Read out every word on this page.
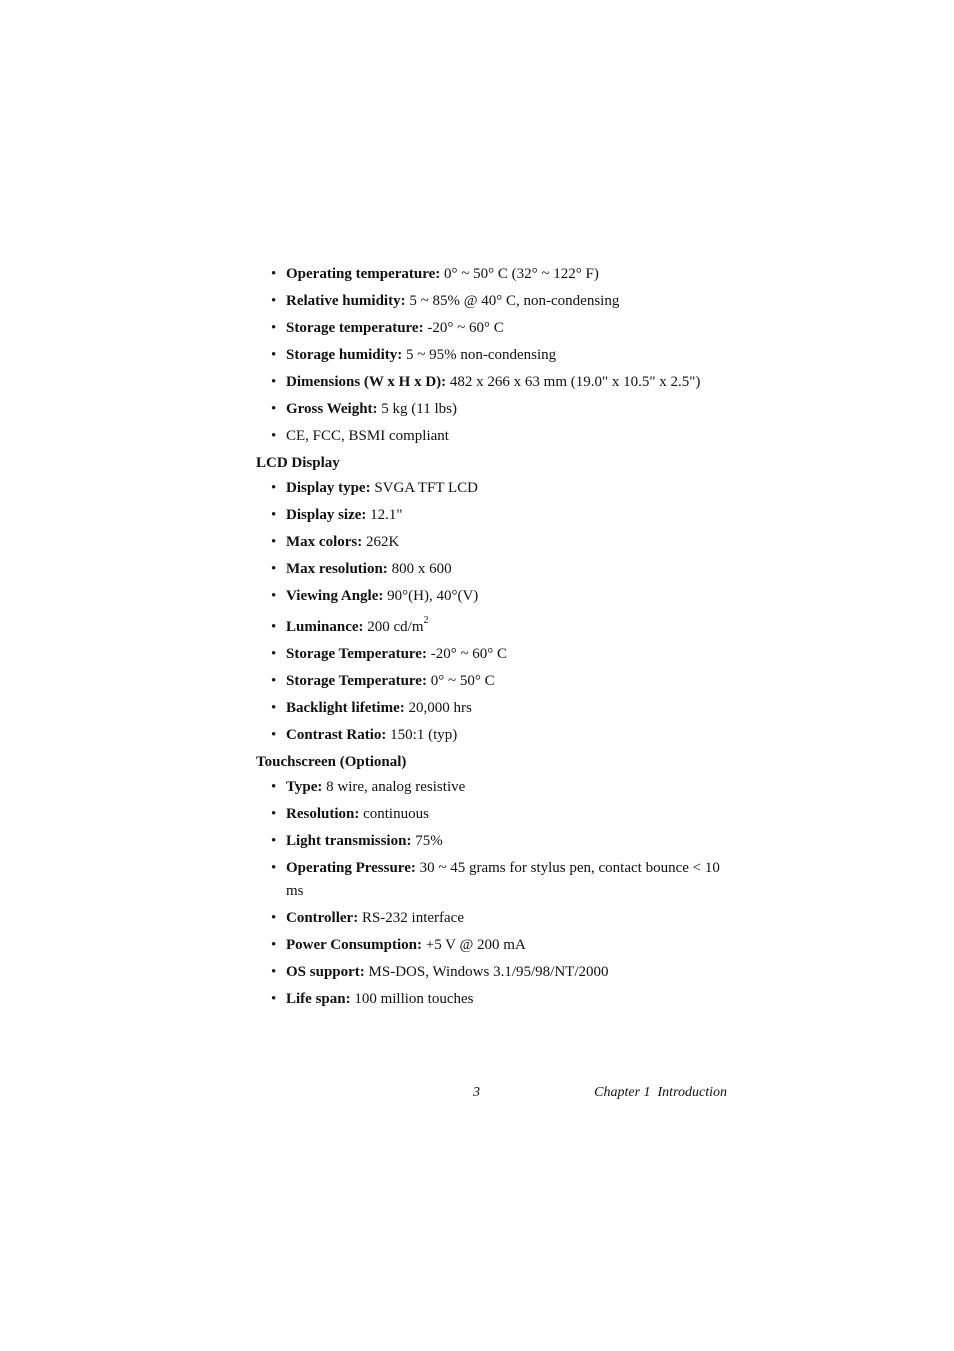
• Operating temperature: 0° ~ 50° C (32° ~ 122° F)
• Relative humidity: 5 ~ 85% @ 40° C, non-condensing
• Storage temperature: -20° ~ 60° C
• Storage humidity: 5 ~ 95% non-condensing
• Dimensions (W x H x D): 482 x 266 x 63 mm (19.0" x 10.5" x 2.5")
• Gross Weight: 5 kg (11 lbs)
• CE, FCC, BSMI compliant
LCD Display
• Display type: SVGA TFT LCD
• Display size: 12.1"
• Max colors: 262K
• Max resolution: 800 x 600
• Viewing Angle: 90°(H), 40°(V)
• Luminance: 200 $cd/m^2$
• Storage Temperature: -20° ~ 60° C
• Storage Temperature: 0° ~ 50° C
• Backlight lifetime: 20,000 hrs
• Contrast Ratio: 150:1 (typ)
Touchscreen (Optional)
• Type: 8 wire, analog resistive
• Resolution: continuous
• Light transmission: 75%
• Operating Pressure: 30 ~ 45 grams for stylus pen, contact bounce < 10 ms
• Controller: RS-232 interface
• Power Consumption: +5 V @ 200 mA
• OS support: MS-DOS, Windows 3.1/95/98/NT/2000
• Life span: 100 million touches
3	Chapter 1  Introduction
